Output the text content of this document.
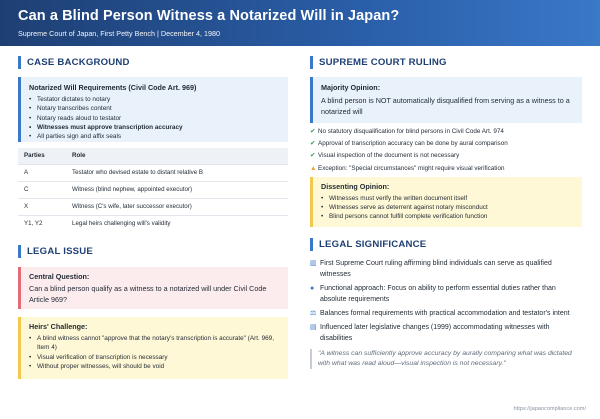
Can a Blind Person Witness a Notarized Will in Japan?
Supreme Court of Japan, First Petty Bench | December 4, 1980
CASE BACKGROUND
Notarized Will Requirements (Civil Code Art. 969)
• Testator dictates to notary
• Notary transcribes content
• Notary reads aloud to testator
• Witnesses must approve transcription accuracy
• All parties sign and affix seals
Parties	Role
A	Testator who devised estate to distant relative B
C	Witness (blind nephew, appointed executor)
X	Witness (C's wife, later successor executor)
Y1, Y2	Legal heirs challenging will's validity
LEGAL ISSUE
Central Question:
Can a blind person qualify as a witness to a notarized will under Civil Code Article 969?
Heirs' Challenge:
• A blind witness cannot "approve that the notary's transcription is accurate" (Art. 969, Item 4)
• Visual verification of transcription is necessary
• Without proper witnesses, will should be void
SUPREME COURT RULING
Majority Opinion:
A blind person is NOT automatically disqualified from serving as a witness to a notarized will
✔ No statutory disqualification for blind persons in Civil Code Art. 974
✔ Approval of transcription accuracy can be done by aural comparison
✔ Visual inspection of the document is not necessary
▲ Exception: "Special circumstances" might require visual verification
Dissenting Opinion:
• Witnesses must verify the written document itself
• Witnesses serve as deterrent against notary misconduct
• Blind persons cannot fulfill complete verification function
LEGAL SIGNIFICANCE
▥ First Supreme Court ruling affirming blind individuals can serve as qualified witnesses
● Functional approach: Focus on ability to perform essential duties rather than absolute requirements
⚖ Balances formal requirements with practical accommodation and testator's intent
▤ Influenced later legislative changes (1999) accommodating witnesses with disabilities
"A witness can sufficiently approve accuracy by aurally comparing what was dictated with what was read aloud—visual inspection is not necessary."
https://japancompliance.com/
